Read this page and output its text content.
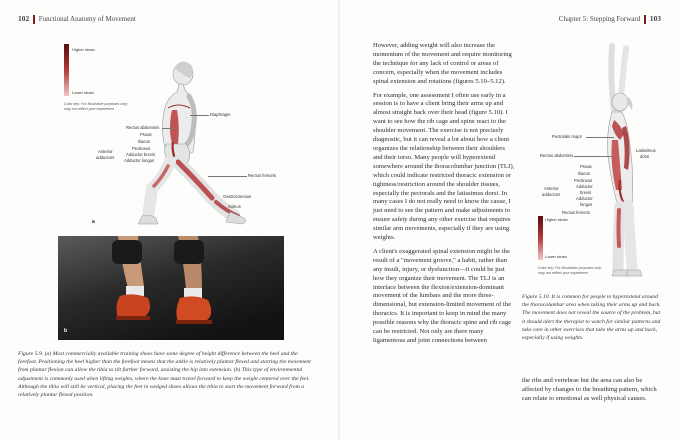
102 Functional Anatomy of Movement
Higher strain
Lower strain
Color key: For illustrative purposes only;
may not reflect your experience
Diaphragm
Rectus abdominis
Psoas
Iliacus
Pectineus
Adductor brevis
Adductor longus
Anterior
adductors
Rectus femoris
Gastrocnemius
Soleus
a
b
Figure 5.9. (a) Most commercially available training shoes have some degree of height difference between the heel and the forefoot. Positioning the heel higher than the forefoot means that the ankle is relatively plantar flexed and starting the movement from plantar flexion can allow the tibia to tilt further forward, assisting the hip into extension. (b) This type of environmental adjustment is commonly used when lifting weights, where the knee must travel forward to keep the weight centered over the feet. Although the tibia will still be vertical, placing the feet in wedged shoes allows the tibia to start the movement forward from a relatively plantar flexed position.
Chapter 5: Stepping Forward 103

However, adding weight will also increase the momentum of the movement and require monitoring the technique for any lack of control or areas of concern, especially when the movement includes spinal extension and rotations (figures 5.10–5.12).

For example, one assessment I often use early in a session is to have a client bring their arms up and almost straight back over their head (figure 5.10). I want to see how the rib cage and spine react to the shoulder movement. The exercise is not precisely diagnostic, but it can reveal a lot about how a client organizes the relationship between their shoulders and their torso. Many people will hyperextend somewhere around the thoracolumbar junction (TLJ), which could indicate restricted thoracic extension or tightness/restriction around the shoulder tissues, especially the pectorals and the latissimus dorsi. In many cases I do not really need to know the cause, I just need to see the pattern and make adjustments to ensure safety during any other exercise that requires similar arm movements, especially if they are using weights.

A client's exaggerated spinal extension might be the result of a "movement groove," a habit, rather than any insult, injury, or dysfunction—it could be just how they organize their movement. The TLJ is an interface between the flexion/extension-dominant movement of the lumbars and the more three-dimensional, but extension-limited movement of the thoracics. It is important to keep in mind the many possible reasons why the thoracic spine and rib cage can be restricted. Not only are there many ligamentous and joint connections between

Pectoralis major
Rectus abdominis
Latissimus
dorsi
Psoas
Iliacus
Pectineus
Adductor
brevis
Adductor
longus
Anterior
adductors
Rectus femoris
Higher strain
Lower strain
Color key: For illustrative purposes only;
may not reflect your experience
Figure 5.10. It is common for people to hyperextend around the thoracolumbar area when taking their arms up and back. The movement does not reveal the source of the problem, but it should alert the therapist to watch for similar patterns and take care in other exercises that take the arms up and back, especially if using weights.

the ribs and vertebrae but the area can also be affected by changes to the breathing pattern, which can relate to emotional as well physical causes.
